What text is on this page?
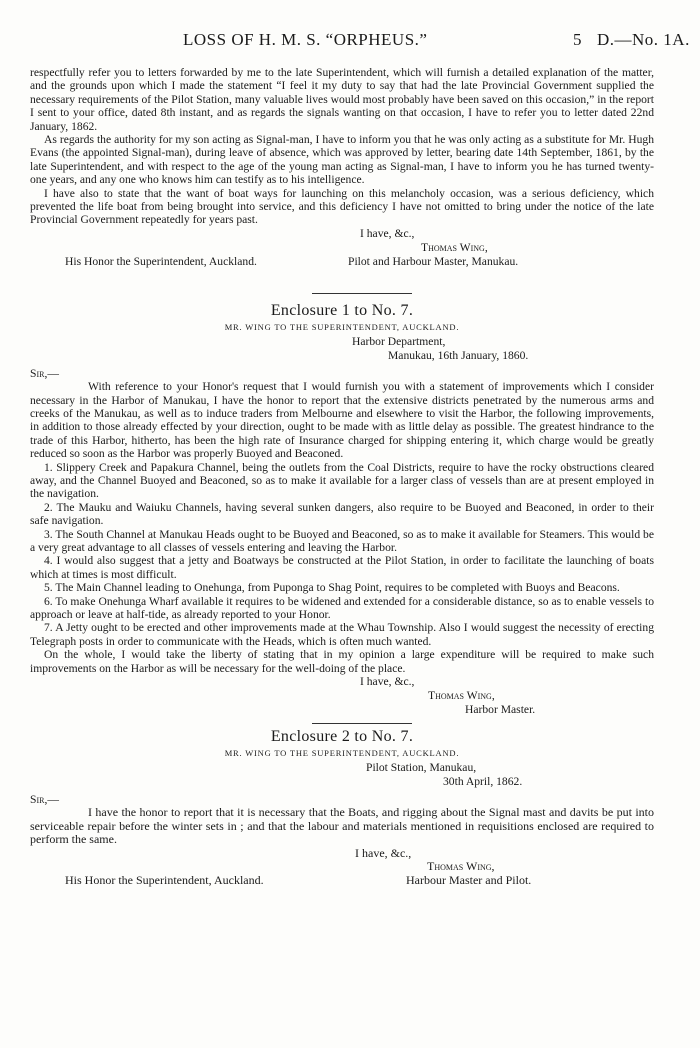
LOSS OF H. M. S. “ORPHEUS.”	5 D.—No. 1A.

respectfully refer you to letters forwarded by me to the late Superintendent, which will furnish a detailed explanation of the matter, and the grounds upon which I made the statement “I feel it my duty to say that had the late Provincial Government supplied the necessary requirements of the Pilot Station, many valuable lives would most probably have been saved on this occasion,” in the report I sent to your office, dated 8th instant, and as regards the signals wanting on that occasion, I have to refer you to letter dated 22nd January, 1862.

As regards the authority for my son acting as Signal-man, I have to inform you that he was only acting as a substitute for Mr. Hugh Evans (the appointed Signal-man), during leave of absence, which was approved by letter, bearing date 14th September, 1861, by the late Superintendent, and with respect to the age of the young man acting as Signal-man, I have to inform you he has turned twenty-one years, and any one who knows him can testify as to his intelligence.

I have also to state that the want of boat ways for launching on this melancholy occasion, was a serious deficiency, which prevented the life boat from being brought into service, and this deficiency I have not omitted to bring under the notice of the late Provincial Government repeatedly for years past.

I have, &c.,
Thomas Wing,
His Honor the Superintendent, Auckland.	Pilot and Harbour Master, Manukau.
Enclosure 1 to No. 7.
MR. WING TO THE SUPERINTENDENT, AUCKLAND.
Harbor Department,
Manukau, 16th January, 1860.
Sir,—

With reference to your Honor's request that I would furnish you with a statement of improvements which I consider necessary in the Harbor of Manukau, I have the honor to report that the extensive districts penetrated by the numerous arms and creeks of the Manukau, as well as to induce traders from Melbourne and elsewhere to visit the Harbor, the following improvements, in addition to those already effected by your direction, ought to be made with as little delay as possible. The greatest hindrance to the trade of this Harbor, hitherto, has been the high rate of Insurance charged for shipping entering it, which charge would be greatly reduced so soon as the Harbor was properly Buoyed and Beaconed.

1. Slippery Creek and Papakura Channel, being the outlets from the Coal Districts, require to have the rocky obstructions cleared away, and the Channel Buoyed and Beaconed, so as to make it available for a larger class of vessels than are at present employed in the navigation.

2. The Mauku and Waiuku Channels, having several sunken dangers, also require to be Buoyed and Beaconed, in order to their safe navigation.

3. The South Channel at Manukau Heads ought to be Buoyed and Beaconed, so as to make it available for Steamers. This would be a very great advantage to all classes of vessels entering and leaving the Harbor.

4. I would also suggest that a jetty and Boatways be constructed at the Pilot Station, in order to facilitate the launching of boats which at times is most difficult.

5. The Main Channel leading to Onehunga, from Puponga to Shag Point, requires to be completed with Buoys and Beacons.

6. To make Onehunga Wharf available it requires to be widened and extended for a considerable distance, so as to enable vessels to approach or leave at half-tide, as already reported to your Honor.

7. A Jetty ought to be erected and other improvements made at the Whau Township. Also I would suggest the necessity of erecting Telegraph posts in order to communicate with the Heads, which is often much wanted.

On the whole, I would take the liberty of stating that in my opinion a large expenditure will be required to make such improvements on the Harbor as will be necessary for the well-doing of the place.

I have, &c.,
Thomas Wing,
Harbor Master.
Enclosure 2 to No. 7.
MR. WING TO THE SUPERINTENDENT, AUCKLAND.
Pilot Station, Manukau,
30th April, 1862.
Sir,—

I have the honor to report that it is necessary that the Boats, and rigging about the Signal mast and davits be put into serviceable repair before the winter sets in ; and that the labour and materials mentioned in requisitions enclosed are required to perform the same.

I have, &c.,
Thomas Wing,
His Honor the Superintendent, Auckland.	Harbour Master and Pilot.
